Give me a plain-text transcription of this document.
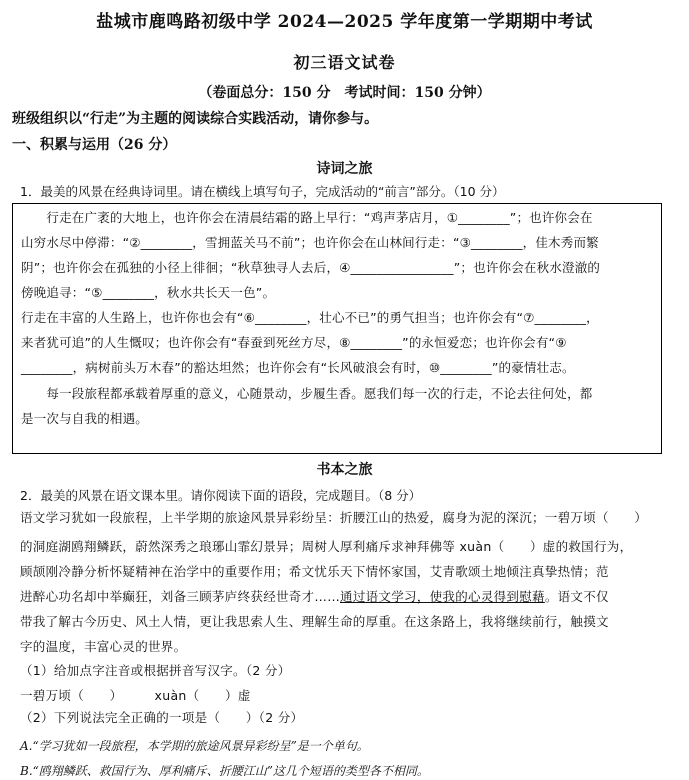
盐城市鹿鸣路初级中学 2024—2025 学年度第一学期期中考试
初三语文试卷
（卷面总分：150 分　考试时间：150 分钟）
班级组织以“行走”为主题的阅读综合实践活动，请你参与。
一、积累与运用（26 分）
诗词之旅
1．最美的风景在经典诗词里。请在横线上填写句子，完成活动的“前言”部分。（10 分）
　　行走在广袤的大地上，也许你会在清晨结霜的路上早行：“鸡声茅店月，①________”；也许你会在
山穷水尽中停滞：“②________，雪拥蓝关马不前”；也许你会在山林间行走：“③________，佳木秀而繁
阴”；也许你会在孤独的小径上徘徊；“秋草独寻人去后，④________________”；也许你会在秋水澄澈的
傍晚追寻：“⑤________，秋水共长天一色”。
行走在丰富的人生路上，也许你也会有“⑥________，壮心不已”的勇气担当；也许你会有“⑦________，
来者犹可追”的人生慨叹；也许你会有“春蚕到死丝方尽，⑧________”的永恒爱恋；也许你会有“⑨
________，病树前头万木春”的豁达坦然；也许你会有“长风破浪会有时，⑩________”的豪情壮志。
　　每一段旅程都承载着厚重的意义，心随景动，步履生香。愿我们每一次的行走，不论去往何处，都
是一次与自我的相遇。
书本之旅
2．最美的风景在语文课本里。请你阅读下面的语段，完成题目。（8 分）
语文学习犹如一段旅程，上半学期的旅途风景异彩纷呈：折腰江山的热爱，腐身为泥的深沉；一碧万顷（　　）
的洞庭湖鸥翔鳞跃，蔚然深秀之琅琊山霏幻景异；周树人厚利痛斥求神拜佛等 xuàn（　　）虚的救国行为，
顾颉刚冷静分析怀疑精神在治学中的重要作用；希文忧乐天下情怀家国，艾青歌颂土地倾注真挚热情；范
进醉心功名却中举癫狂，刘备三顾茅庐终获经世奇才……通过语文学习，使我的心灵得到慰藉。语文不仅
带我了解古今历史、风土人情，更让我思索人生、理解生命的厚重。在这条路上，我将继续前行，触摸文
字的温度，丰富心灵的世界。
（1）给加点字注音或根据拼音写汉字。（2 分）
一碧万顷（　　）　　　xuàn（　　）虚
（2）下列说法完全正确的一项是（　　）（2 分）
A.“学习犹如一段旅程，本学期的旅途风景异彩纷呈”是一个单句。
B.“鸥翔鳞跃、救国行为、厚利痛斥、折腰江山”这几个短语的类型各不相同。
